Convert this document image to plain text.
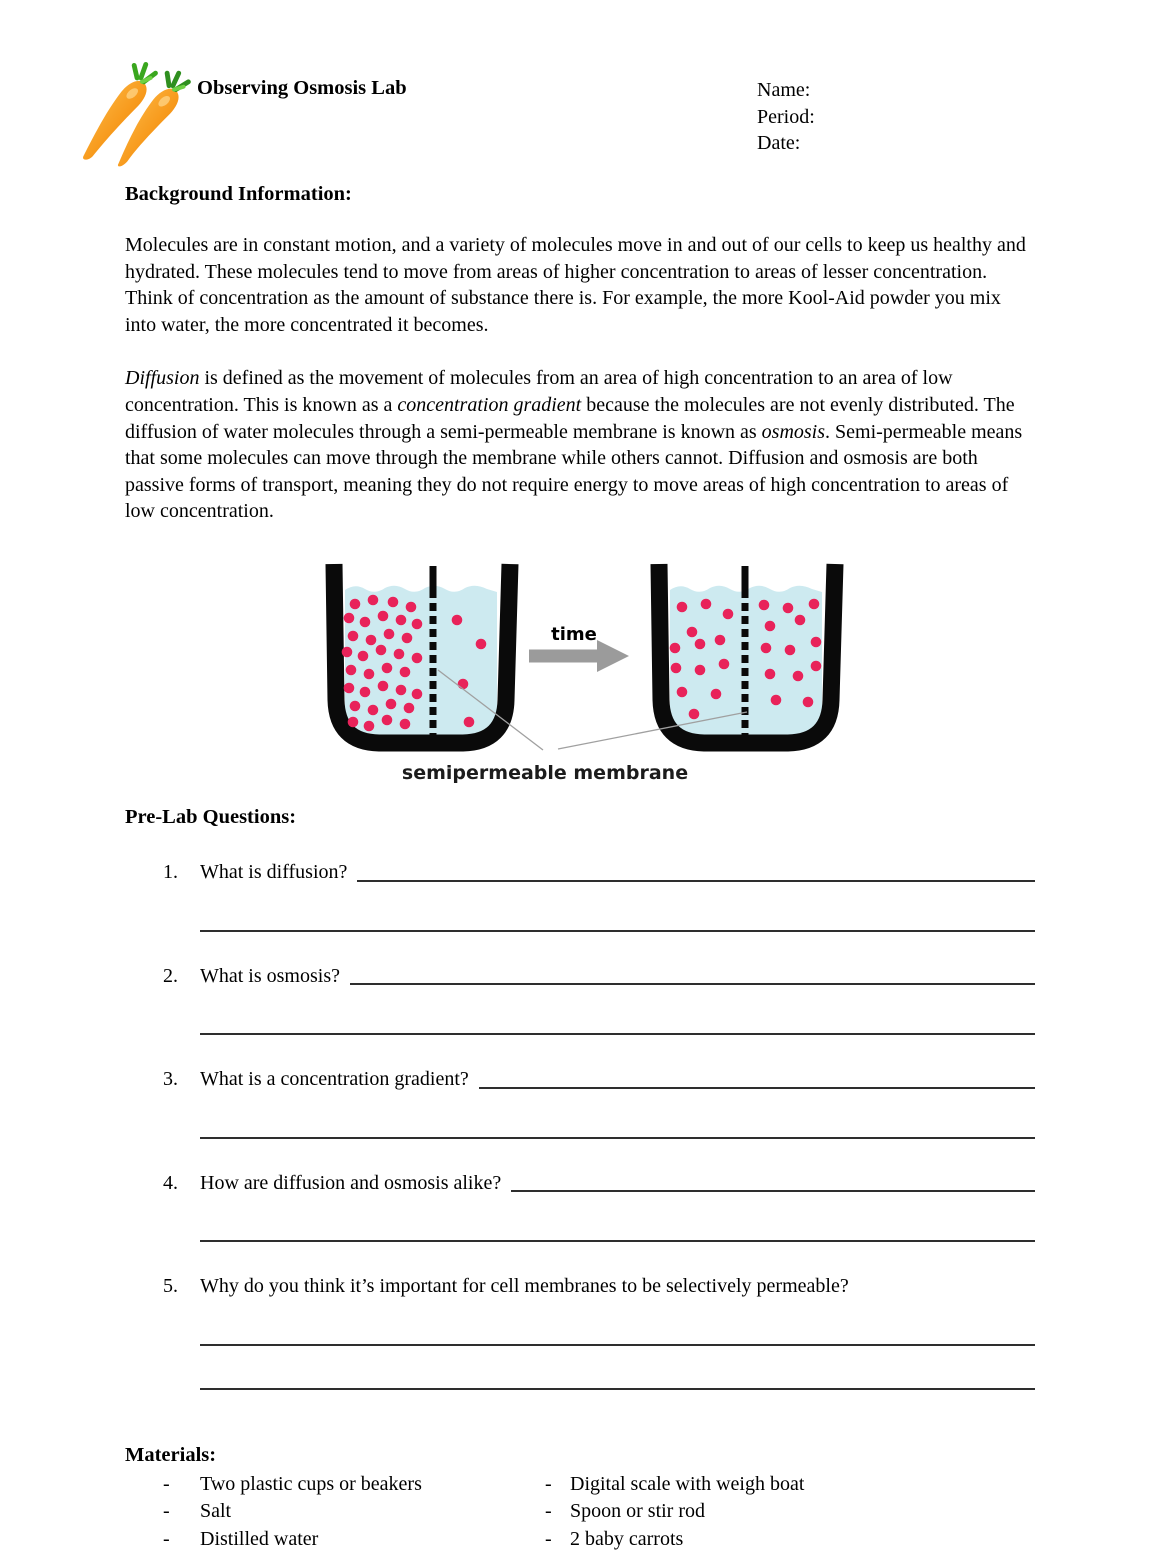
Observing Osmosis Lab	Name:
Period:
Date:
Background Information:
Molecules are in constant motion, and a variety of molecules move in and out of our cells to keep us healthy and hydrated. These molecules tend to move from areas of higher concentration to areas of lesser concentration. Think of concentration as the amount of substance there is. For example, the more Kool-Aid powder you mix into water, the more concentrated it becomes.
Diffusion is defined as the movement of molecules from an area of high concentration to an area of low concentration. This is known as a concentration gradient because the molecules are not evenly distributed. The diffusion of water molecules through a semi-permeable membrane is known as osmosis. Semi-permeable means that some molecules can move through the membrane while others cannot. Diffusion and osmosis are both passive forms of transport, meaning they do not require energy to move areas of high concentration to areas of low concentration.
time
semipermeable membrane
Pre-Lab Questions:
1.	What is diffusion?
2.	What is osmosis?
3.	What is a concentration gradient?
4.	How are diffusion and osmosis alike?
5.	Why do you think it’s important for cell membranes to be selectively permeable?
Materials:
-	Two plastic cups or beakers	- Digital scale with weigh boat
-	Salt	- Spoon or stir rod
-	Distilled water	- 2 baby carrots
